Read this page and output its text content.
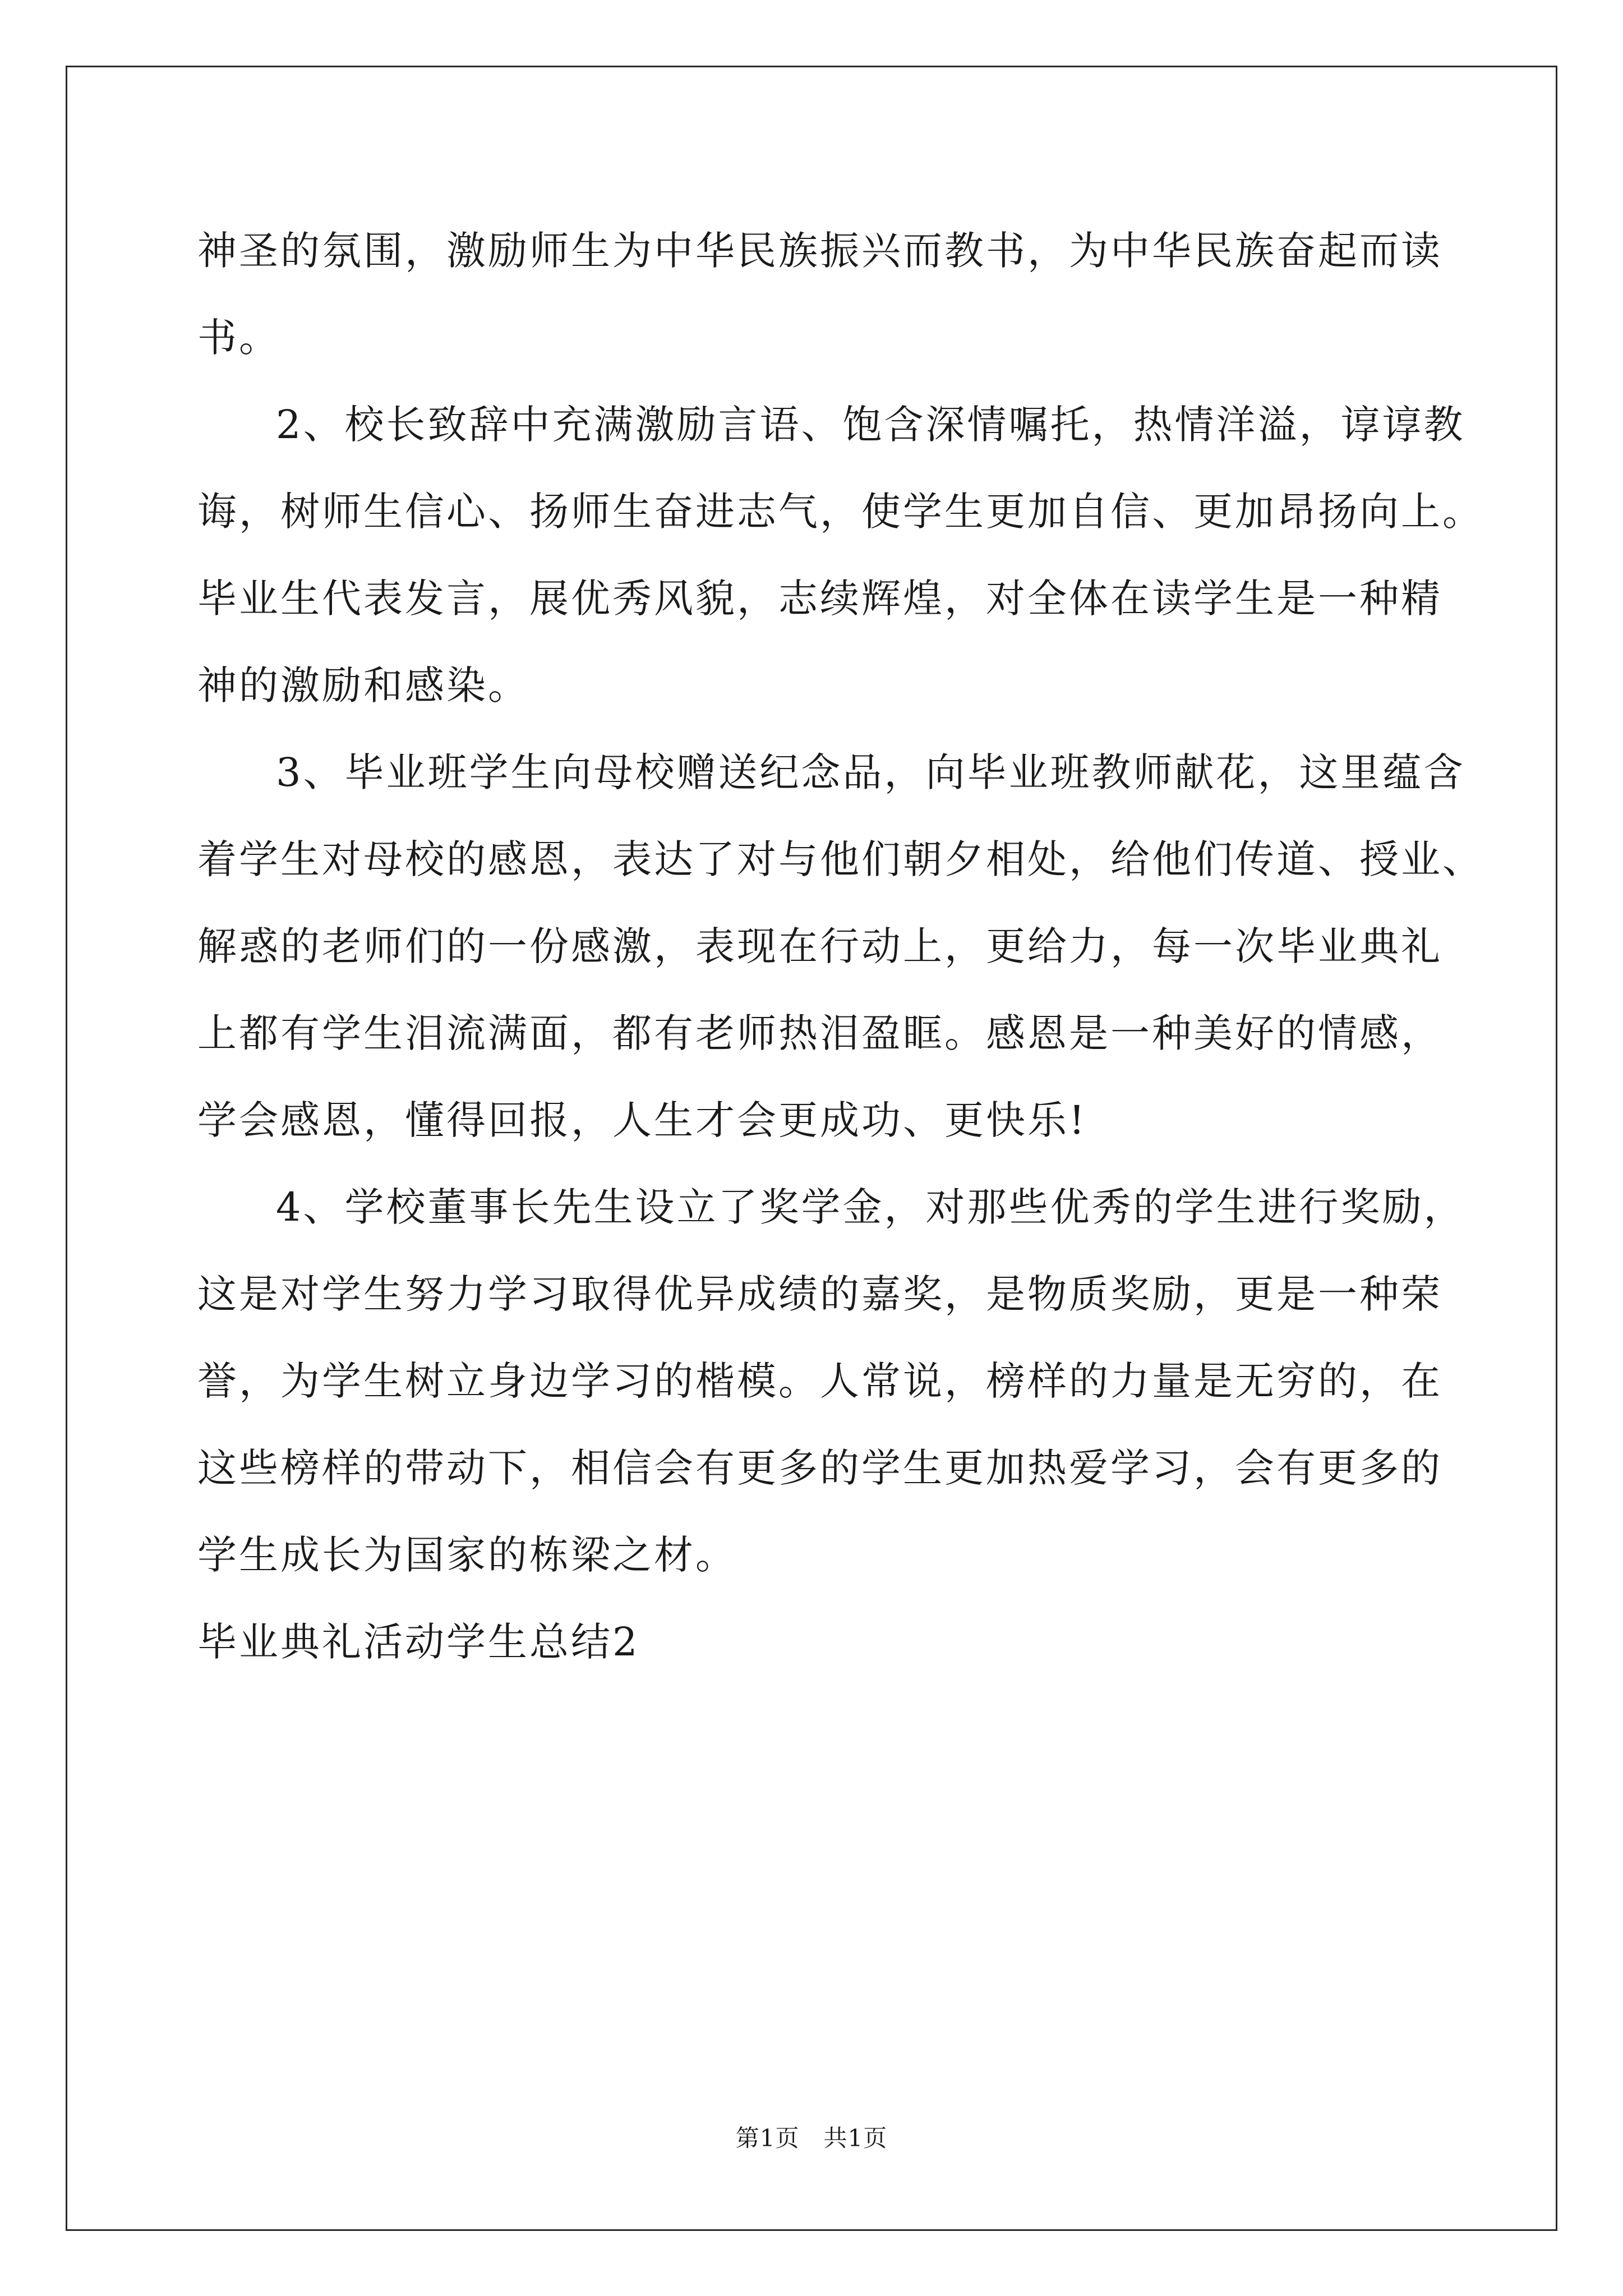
神圣的氛围，激励师生为中华民族振兴而教书，为中华民族奋起而读
书。
2、校长致辞中充满激励言语、饱含深情嘱托，热情洋溢，谆谆教
诲，树师生信心、扬师生奋进志气，使学生更加自信、更加昂扬向上。
毕业生代表发言，展优秀风貌，志续辉煌，对全体在读学生是一种精
神的激励和感染。
3、毕业班学生向母校赠送纪念品，向毕业班教师献花，这里蕴含
着学生对母校的感恩，表达了对与他们朝夕相处，给他们传道、授业、
解惑的老师们的一份感激，表现在行动上，更给力，每一次毕业典礼
上都有学生泪流满面，都有老师热泪盈眶。感恩是一种美好的情感，
学会感恩，懂得回报，人生才会更成功、更快乐!
4、学校董事长先生设立了奖学金，对那些优秀的学生进行奖励，
这是对学生努力学习取得优异成绩的嘉奖，是物质奖励，更是一种荣
誉，为学生树立身边学习的楷模。人常说，榜样的力量是无穷的，在
这些榜样的带动下，相信会有更多的学生更加热爱学习，会有更多的
学生成长为国家的栋梁之材。
毕业典礼活动学生总结2
第1页 共1页
